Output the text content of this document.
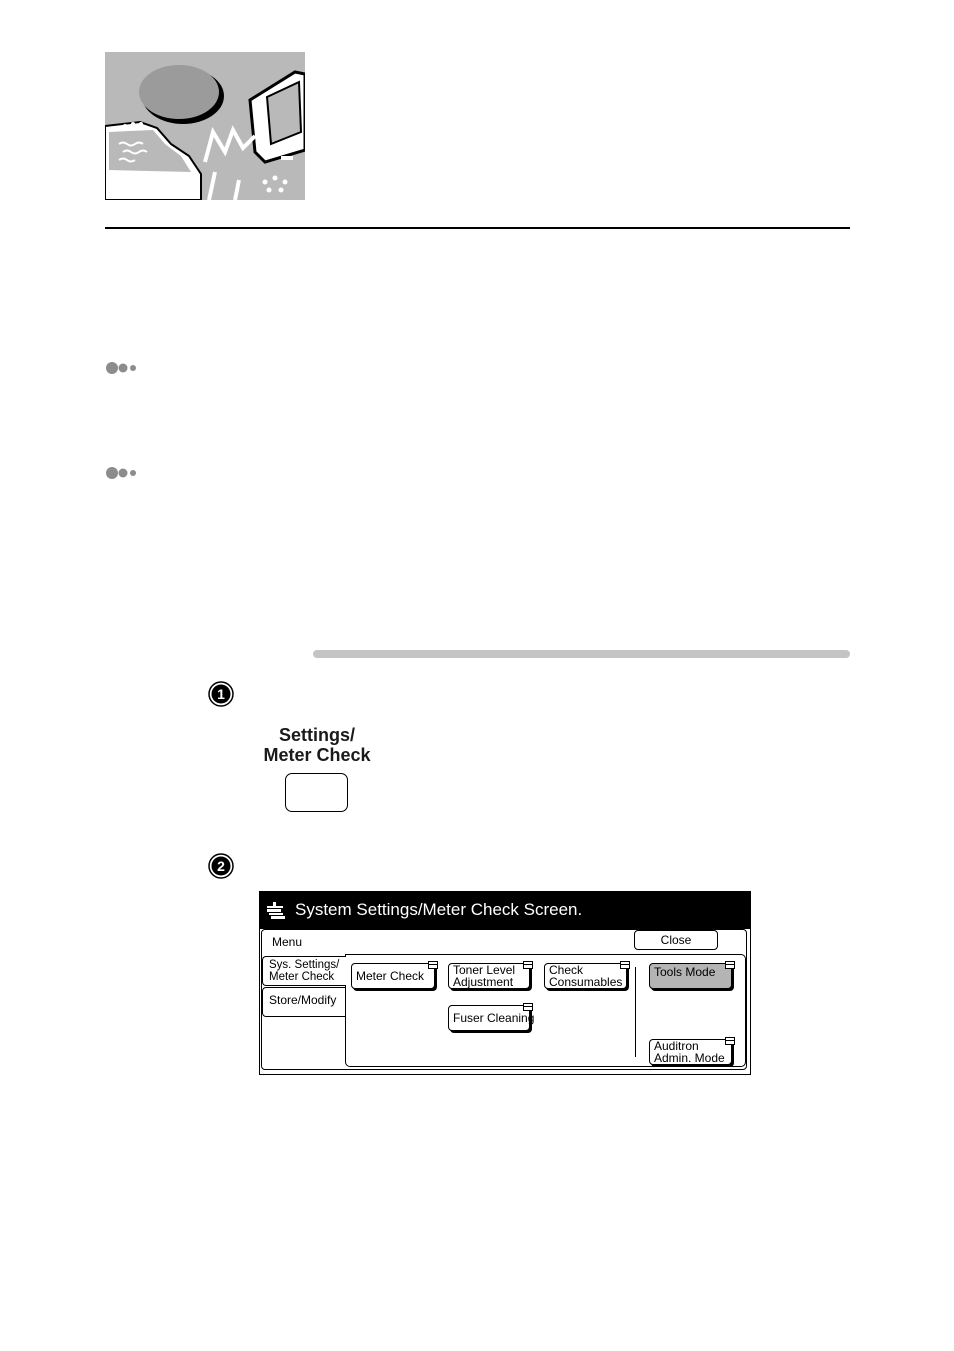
1
Settings/
Meter Check
2
System Settings/Meter Check Screen.
Menu	Close
Sys. Settings/
Meter Check
Store/Modify
Meter Check Toner Level
Adjustment
Check
Consumables
Fuser Cleaning
Tools Mode
Auditron
Admin. Mode
